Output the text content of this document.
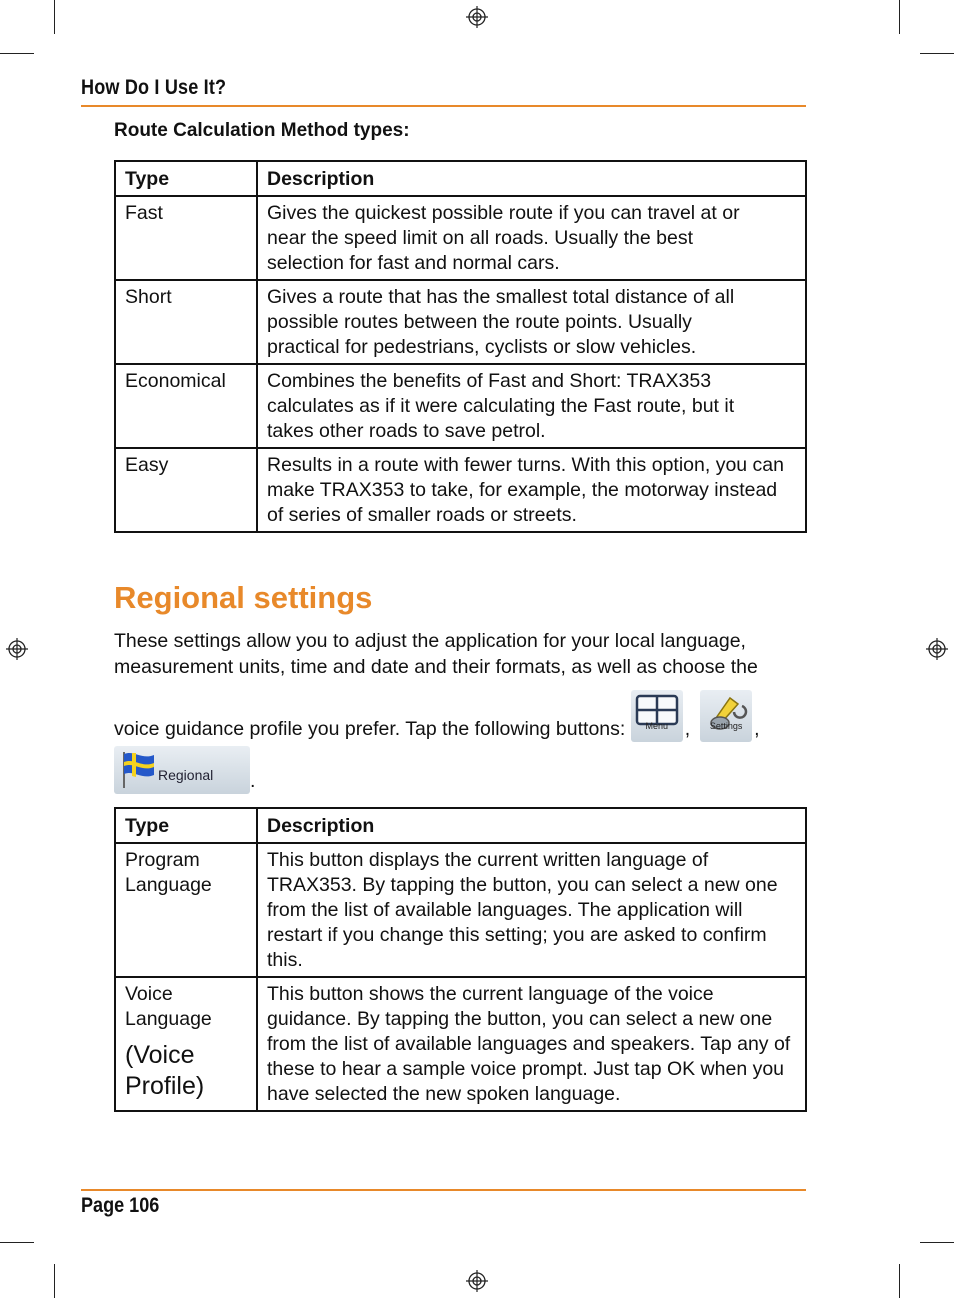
How Do I Use It?
Route Calculation Method types:
Type	Description
Fast	Gives the quickest possible route if you can travel at or near the speed limit on all roads. Usually the best selection for fast and normal cars.
Short	Gives a route that has the smallest total distance of all possible routes between the route points. Usually practical for pedestrians, cyclists or slow vehicles.
Economical	Combines the benefits of Fast and Short: TRAX353 calculates as if it were calculating the Fast route, but it takes other roads to save petrol.
Easy	Results in a route with fewer turns. With this option, you can make TRAX353 to take, for example, the motorway instead of series of smaller roads or streets.
Regional settings
These settings allow you to adjust the application for your local language,
measurement units, time and date and their formats, as well as choose the
voice guidance profile you prefer. Tap the following buttons:	Menu ,	Settings ,
Regional .
Type	Description
Program Language	This button displays the current written language of TRAX353. By tapping the button, you can select a new one from the list of available languages. The application will restart if you change this setting; you are asked to confirm this.
Voice Language
(Voice Profile)	This button shows the current language of the voice guidance. By tapping the button, you can select a new one from the list of available languages and speakers. Tap any of these to hear a sample voice prompt. Just tap OK when you have selected the new spoken language.
Page 106
